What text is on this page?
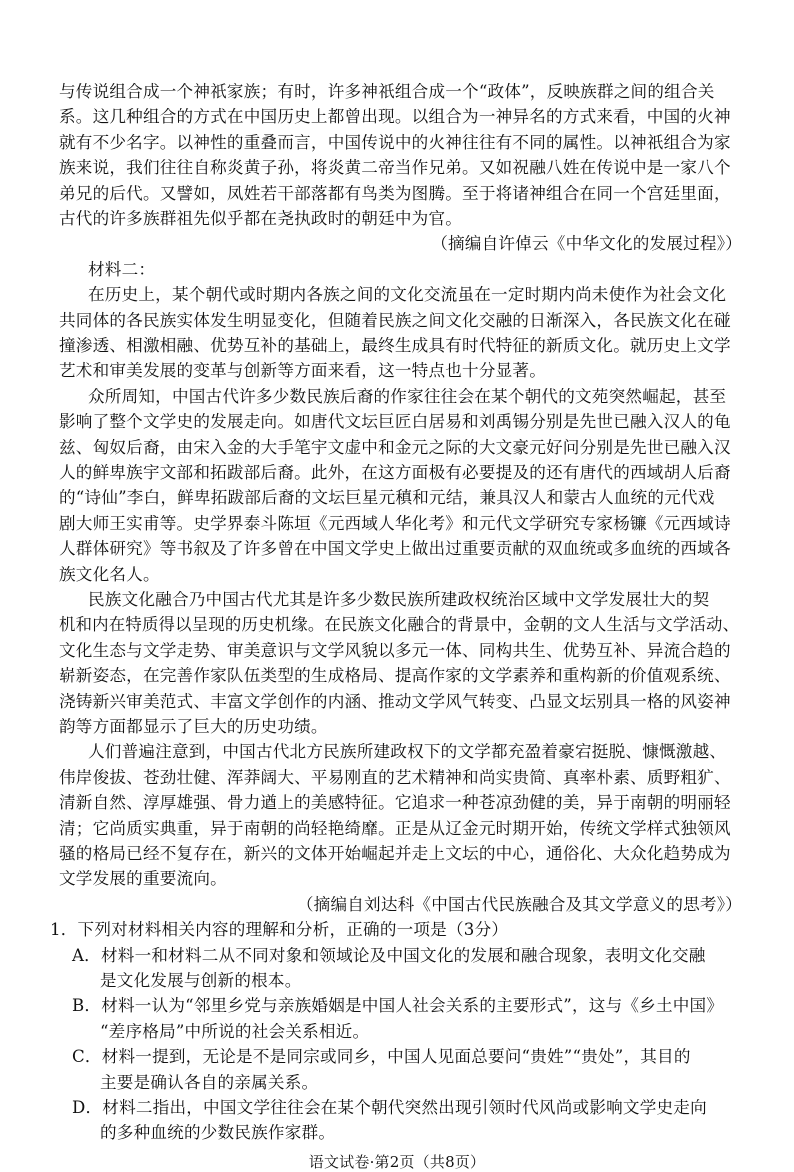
与传说组合成一个神祇家族；有时，许多神祇组合成一个“政体”，反映族群之间的组合关
系。这几种组合的方式在中国历史上都曾出现。以组合为一神异名的方式来看，中国的火神
就有不少名字。以神性的重叠而言，中国传说中的火神往往有不同的属性。以神祇组合为家
族来说，我们往往自称炎黄子孙，将炎黄二帝当作兄弟。又如祝融八姓在传说中是一家八个
弟兄的后代。又譬如，凤姓若干部落都有鸟类为图腾。至于将诸神组合在同一个宫廷里面，
古代的许多族群祖先似乎都在尧执政时的朝廷中为官。
（摘编自许倬云《中华文化的发展过程》）
材料二：
在历史上，某个朝代或时期内各族之间的文化交流虽在一定时期内尚未使作为社会文化
共同体的各民族实体发生明显变化，但随着民族之间文化交融的日渐深入，各民族文化在碰
撞渗透、相激相融、优势互补的基础上，最终生成具有时代特征的新质文化。就历史上文学
艺术和审美发展的变革与创新等方面来看，这一特点也十分显著。
众所周知，中国古代许多少数民族后裔的作家往往会在某个朝代的文苑突然崛起，甚至
影响了整个文学史的发展走向。如唐代文坛巨匠白居易和刘禹锡分别是先世已融入汉人的龟
兹、匈奴后裔，由宋入金的大手笔宇文虚中和金元之际的大文豪元好问分别是先世已融入汉
人的鲜卑族宇文部和拓跋部后裔。此外，在这方面极有必要提及的还有唐代的西域胡人后裔
的“诗仙”李白，鲜卑拓跋部后裔的文坛巨星元稹和元结，兼具汉人和蒙古人血统的元代戏
剧大师王实甫等。史学界泰斗陈垣《元西域人华化考》和元代文学研究专家杨镰《元西域诗
人群体研究》等书叙及了许多曾在中国文学史上做出过重要贡献的双血统或多血统的西域各
族文化名人。
民族文化融合乃中国古代尤其是许多少数民族所建政权统治区域中文学发展壮大的契
机和内在特质得以呈现的历史机缘。在民族文化融合的背景中，金朝的文人生活与文学活动、
文化生态与文学走势、审美意识与文学风貌以多元一体、同构共生、优势互补、异流合趋的
崭新姿态，在完善作家队伍类型的生成格局、提高作家的文学素养和重构新的价值观系统、
浇铸新兴审美范式、丰富文学创作的内涵、推动文学风气转变、凸显文坛别具一格的风姿神
韵等方面都显示了巨大的历史功绩。
人们普遍注意到，中国古代北方民族所建政权下的文学都充盈着豪宕挺脱、慷慨激越、
伟岸俊拔、苍劲壮健、浑莽阔大、平易刚直的艺术精神和尚实贵简、真率朴素、质野粗犷、
清新自然、淳厚雄强、骨力遒上的美感特征。它追求一种苍凉劲健的美，异于南朝的明丽轻
清；它尚质实典重，异于南朝的尚轻艳绮靡。正是从辽金元时期开始，传统文学样式独领风
骚的格局已经不复存在，新兴的文体开始崛起并走上文坛的中心，通俗化、大众化趋势成为
文学发展的重要流向。
（摘编自刘达科《中国古代民族融合及其文学意义的思考》）
1．下列对材料相关内容的理解和分析，正确的一项是（3分）
A．材料一和材料二从不同对象和领域论及中国文化的发展和融合现象，表明文化交融
是文化发展与创新的根本。
B．材料一认为“邻里乡党与亲族婚姻是中国人社会关系的主要形式”，这与《乡土中国》
“差序格局”中所说的社会关系相近。
C．材料一提到，无论是不是同宗或同乡，中国人见面总要问“贵姓”“贵处”，其目的
主要是确认各自的亲属关系。
D．材料二指出，中国文学往往会在某个朝代突然出现引领时代风尚或影响文学史走向
的多种血统的少数民族作家群。
语文试卷·第2页（共8页）
